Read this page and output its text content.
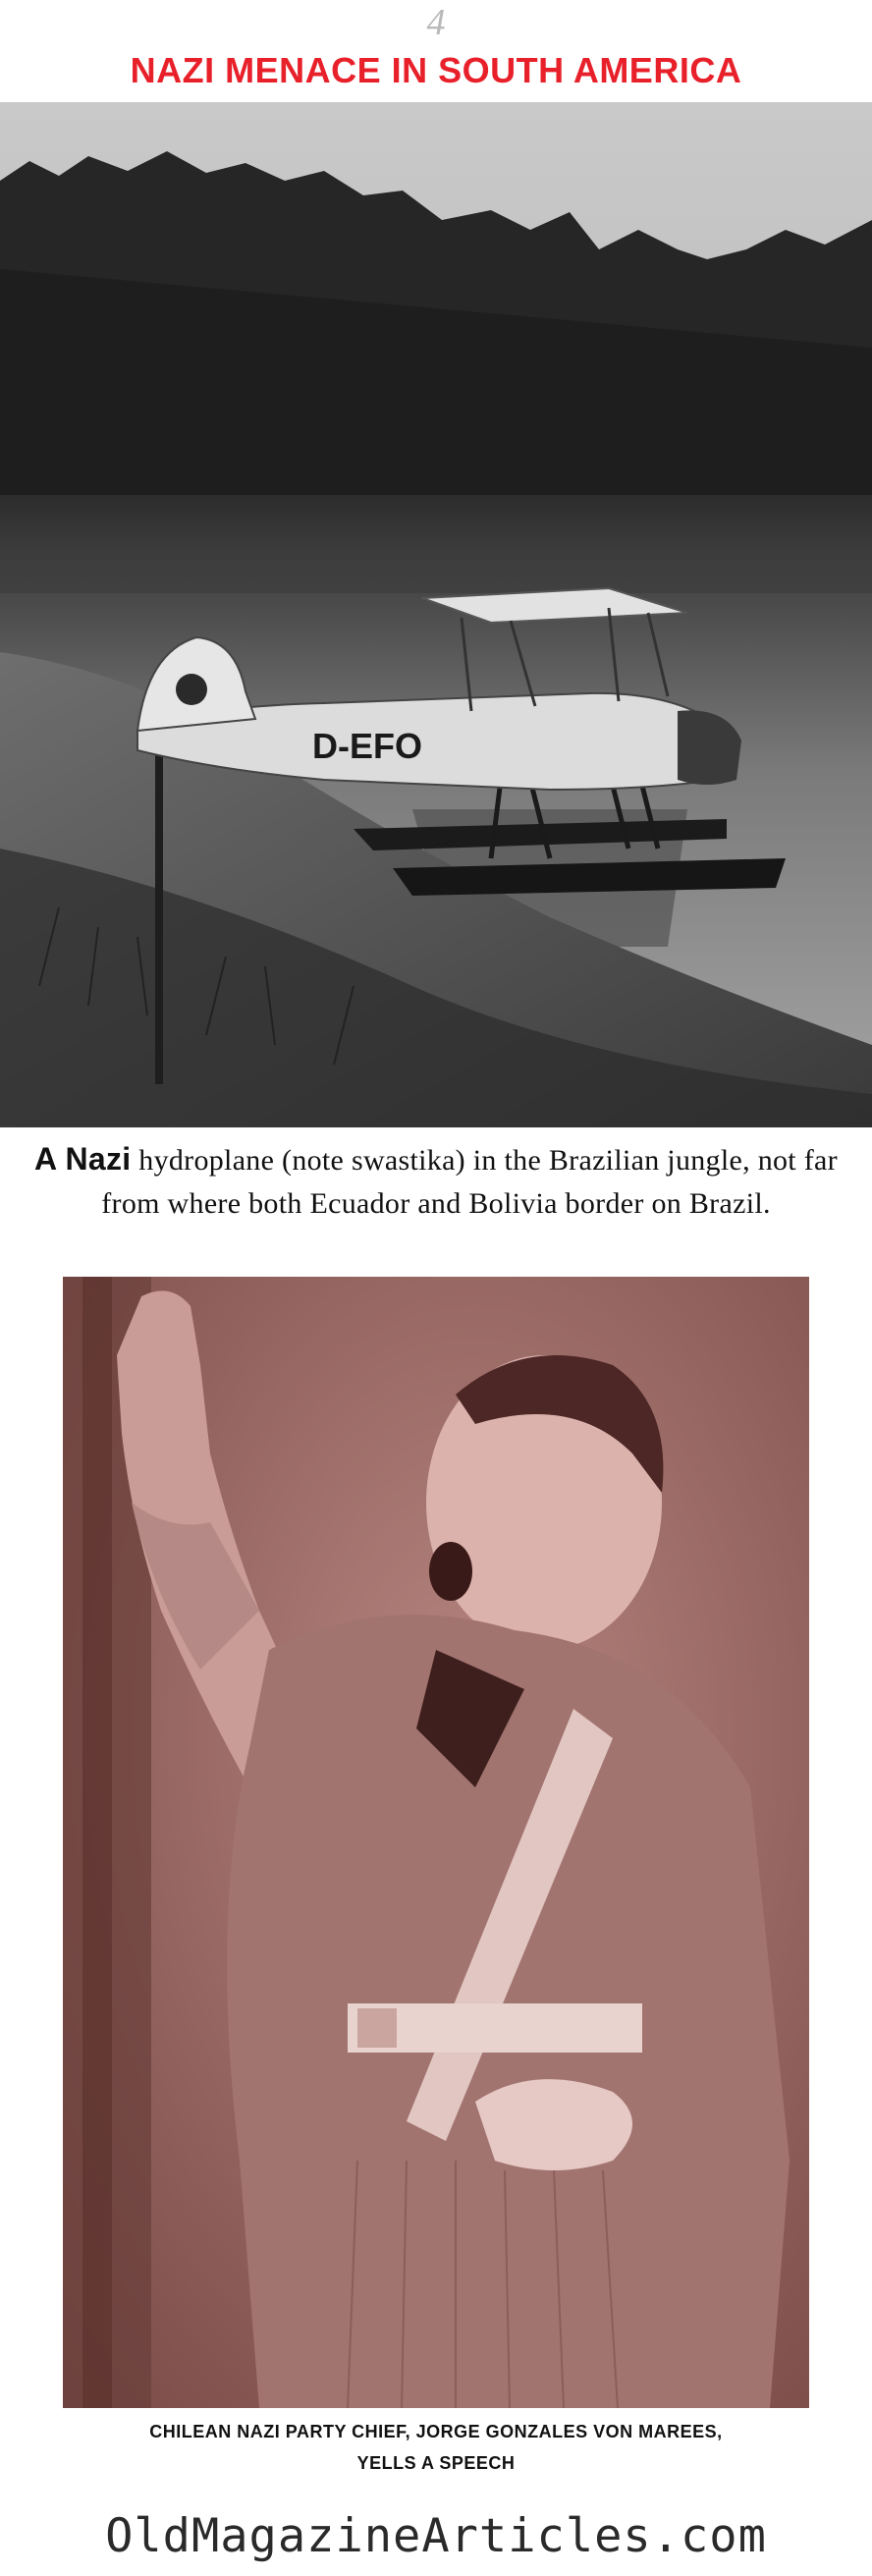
4
NAZI MENACE IN SOUTH AMERICA
D-EFO
A Nazi hydroplane (note swastika) in the Brazilian jungle, not far from where both Ecuador and Bolivia border on Brazil.
CHILEAN NAZI PARTY CHIEF, JORGE GONZALES VON MAREES,
YELLS A SPEECH
OldMagazineArticles.com
